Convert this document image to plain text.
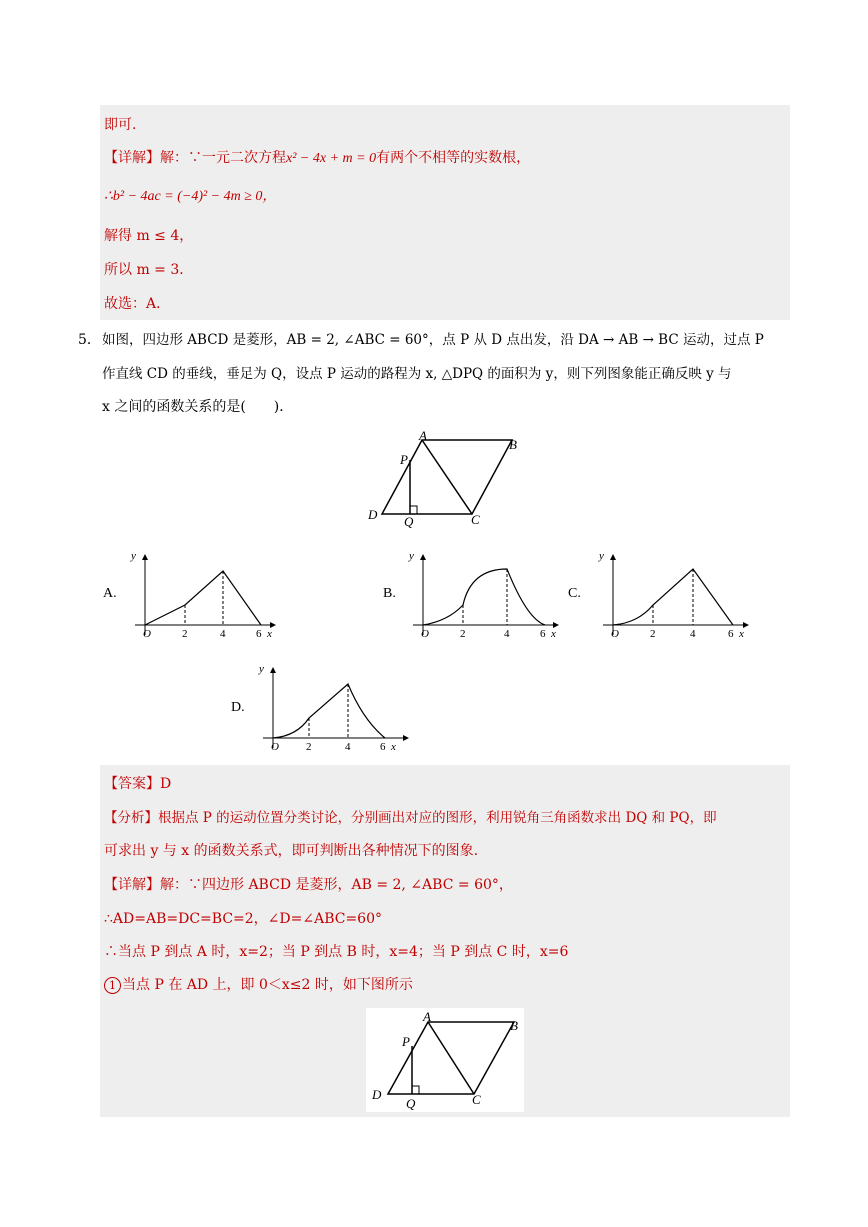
即可.
【详解】解：∵一元二次方程x² − 4x + m = 0有两个不相等的实数根，
∴b² − 4ac = (−4)² − 4m ≥ 0，
解得 m ≤ 4，
所以 m = 3．
故选：A．
5． 如图，四边形 ABCD 是菱形，AB = 2, ∠ABC = 60°，点 P 从 D 点出发，沿 DA → AB → BC 运动，过点 P
作直线 CD 的垂线，垂足为 Q，设点 P 运动的路程为 x, △DPQ 的面积为 y，则下列图象能正确反映 y 与
x 之间的函数关系的是(　　)．
A
B
C
D
P
Q
A.	B.	C.
D.
y
O	2	4	6 x
y
O	2	4	6 x
y
O	2	4	6 x
y
O 2	4	6 x
【答案】D
【分析】根据点 P 的运动位置分类讨论，分别画出对应的图形，利用锐角三角函数求出 DQ 和 PQ，即
可求出 y 与 x 的函数关系式，即可判断出各种情况下的图象.
【详解】解：∵四边形 ABCD 是菱形，AB = 2, ∠ABC = 60°，
∴AD=AB=DC=BC=2，∠D=∠ABC=60°
∴当点 P 到点 A 时，x=2；当 P 到点 B 时，x=4；当 P 到点 C 时，x=6
1 当点 P 在 AD 上，即 0＜x≤2 时，如下图所示
A
B
C
D
P
Q
